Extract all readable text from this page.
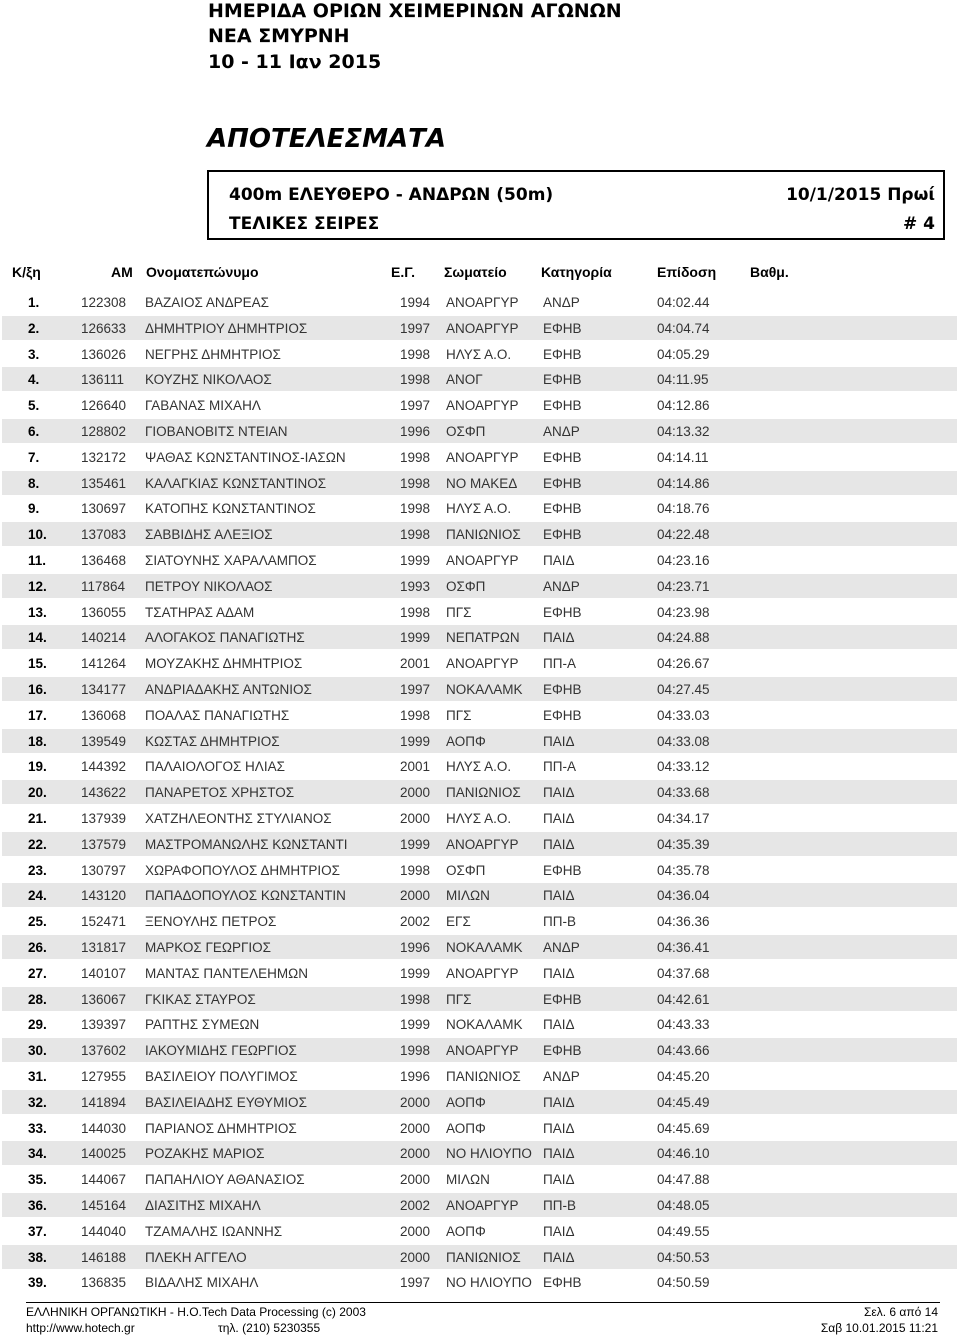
ΗΜΕΡΙΔΑ ΟΡΙΩΝ ΧΕΙΜΕΡΙΝΩΝ ΑΓΩΝΩΝ
ΝΕΑ ΣΜΥΡΝΗ
10 - 11 Ιαν 2015
ΑΠΟΤΕΛΕΣΜΑΤΑ
400m ΕΛΕΥΘΕΡΟ - ΑΝΔΡΩΝ (50m)	10/1/2015 Πρωί
ΤΕΛΙΚΕΣ ΣΕΙΡΕΣ	# 4
Κ/ξη	ΑΜ Ονοματεπώνυμο	Ε.Γ. Σωματείο Κατηγορία	Επίδοση Βαθμ.
1.	122308 ΒΑΖΑΙΟΣ ΑΝΔΡΕΑΣ	1994 ΑΝΟΑΡΓΥΡ ΑΝΔΡ	04:02.44
2.	126633 ΔΗΜΗΤΡΙΟΥ ΔΗΜΗΤΡΙΟΣ	1997 ΑΝΟΑΡΓΥΡ ΕΦΗΒ	04:04.74
3.	136026 ΝΕΓΡΗΣ ΔΗΜΗΤΡΙΟΣ	1998 ΗΛΥΣ Α.Ο. ΕΦΗΒ	04:05.29
4.	136111 ΚΟΥΖΗΣ ΝΙΚΟΛΑΟΣ	1998 ΑΝΟΓ	ΕΦΗΒ	04:11.95
5.	126640 ΓΑΒΑΝΑΣ ΜΙΧΑΗΛ	1997 ΑΝΟΑΡΓΥΡ ΕΦΗΒ	04:12.86
6.	128802 ΓΙΟΒΑΝΟΒΙΤΣ ΝΤΕΙΑΝ	1996 ΟΣΦΠ	ΑΝΔΡ	04:13.32
7.	132172 ΨΑΘΑΣ ΚΩΝΣΤΑΝΤΙΝΟΣ-ΙΑΣΩΝ	1998 ΑΝΟΑΡΓΥΡ ΕΦΗΒ	04:14.11
8.	135461 ΚΑΛΑΓΚΙΑΣ ΚΩΝΣΤΑΝΤΙΝΟΣ	1998 ΝΟ ΜΑΚΕΔ ΕΦΗΒ	04:14.86
9.	130697 ΚΑΤΟΠΗΣ ΚΩΝΣΤΑΝΤΙΝΟΣ	1998 ΗΛΥΣ Α.Ο. ΕΦΗΒ	04:18.76
10.	137083 ΣΑΒΒΙΔΗΣ ΑΛΕΞΙΟΣ	1998 ΠΑΝΙΩΝΙΟΣ ΕΦΗΒ	04:22.48
11.	136468 ΣΙΑΤΟΥΝΗΣ ΧΑΡΑΛΑΜΠΟΣ	1999 ΑΝΟΑΡΓΥΡ ΠΑΙΔ	04:23.16
12.	117864 ΠΕΤΡΟΥ ΝΙΚΟΛΑΟΣ	1993 ΟΣΦΠ	ΑΝΔΡ	04:23.71
13.	136055 ΤΣΑΤΗΡΑΣ ΑΔΑΜ	1998 ΠΓΣ	ΕΦΗΒ	04:23.98
14.	140214 ΑΛΟΓΑΚΟΣ ΠΑΝΑΓΙΩΤΗΣ	1999 ΝΕΠΑΤΡΩΝ ΠΑΙΔ	04:24.88
15.	141264 ΜΟΥΖΑΚΗΣ ΔΗΜΗΤΡΙΟΣ	2001 ΑΝΟΑΡΓΥΡ ΠΠ-Α	04:26.67
16.	134177 ΑΝΔΡΙΑΔΑΚΗΣ ΑΝΤΩΝΙΟΣ	1997 ΝΟΚΑΛΑΜΚ ΕΦΗΒ	04:27.45
17.	136068 ΠΟΑΛΑΣ ΠΑΝΑΓΙΩΤΗΣ	1998 ΠΓΣ	ΕΦΗΒ	04:33.03
18.	139549 ΚΩΣΤΑΣ ΔΗΜΗΤΡΙΟΣ	1999 ΑΟΠΦ	ΠΑΙΔ	04:33.08
19.	144392 ΠΑΛΑΙΟΛΟΓΟΣ ΗΛΙΑΣ	2001 ΗΛΥΣ Α.Ο. ΠΠ-Α	04:33.12
20.	143622 ΠΑΝΑΡΕΤΟΣ ΧΡΗΣΤΟΣ	2000 ΠΑΝΙΩΝΙΟΣ ΠΑΙΔ	04:33.68
21.	137939 ΧΑΤΖΗΛΕΟΝΤΗΣ ΣΤΥΛΙΑΝΟΣ	2000 ΗΛΥΣ Α.Ο. ΠΑΙΔ	04:34.17
22.	137579 ΜΑΣΤΡΟΜΑΝΩΛΗΣ ΚΩΝΣΤΑΝΤΙ	1999 ΑΝΟΑΡΓΥΡ ΠΑΙΔ	04:35.39
23.	130797 ΧΩΡΑΦΟΠΟΥΛΟΣ ΔΗΜΗΤΡΙΟΣ	1998 ΟΣΦΠ	ΕΦΗΒ	04:35.78
24.	143120 ΠΑΠΑΔΟΠΟΥΛΟΣ ΚΩΝΣΤΑΝΤΙΝ	2000 ΜΙΛΩΝ	ΠΑΙΔ	04:36.04
25.	152471 ΞΕΝΟΥΛΗΣ ΠΕΤΡΟΣ	2002 ΕΓΣ	ΠΠ-Β	04:36.36
26.	131817 ΜΑΡΚΟΣ ΓΕΩΡΓΙΟΣ	1996 ΝΟΚΑΛΑΜΚ ΑΝΔΡ	04:36.41
27.	140107 ΜΑΝΤΑΣ ΠΑΝΤΕΛΕΗΜΩΝ	1999 ΑΝΟΑΡΓΥΡ ΠΑΙΔ	04:37.68
28.	136067 ΓΚΙΚΑΣ ΣΤΑΥΡΟΣ	1998 ΠΓΣ	ΕΦΗΒ	04:42.61
29.	139397 ΡΑΠΤΗΣ ΣΥΜΕΩΝ	1999 ΝΟΚΑΛΑΜΚ ΠΑΙΔ	04:43.33
30.	137602 ΙΑΚΟΥΜΙΔΗΣ ΓΕΩΡΓΙΟΣ	1998 ΑΝΟΑΡΓΥΡ ΕΦΗΒ	04:43.66
31.	127955 ΒΑΣΙΛΕΙΟΥ ΠΟΛΥΓΙΜΟΣ	1996 ΠΑΝΙΩΝΙΟΣ ΑΝΔΡ	04:45.20
32.	141894 ΒΑΣΙΛΕΙΑΔΗΣ ΕΥΘΥΜΙΟΣ	2000 ΑΟΠΦ	ΠΑΙΔ	04:45.49
33.	144030 ΠΑΡΙΑΝΟΣ ΔΗΜΗΤΡΙΟΣ	2000 ΑΟΠΦ	ΠΑΙΔ	04:45.69
34.	140025 ΡΟΖΑΚΗΣ ΜΑΡΙΟΣ	2000 ΝΟ ΗΛΙΟΥΠΟ ΠΑΙΔ	04:46.10
35.	144067 ΠΑΠΑΗΛΙΟΥ ΑΘΑΝΑΣΙΟΣ	2000 ΜΙΛΩΝ	ΠΑΙΔ	04:47.88
36.	145164 ΔΙΑΣΙΤΗΣ ΜΙΧΑΗΛ	2002 ΑΝΟΑΡΓΥΡ ΠΠ-Β	04:48.05
37.	144040 ΤΖΑΜΑΛΗΣ ΙΩΑΝΝΗΣ	2000 ΑΟΠΦ	ΠΑΙΔ	04:49.55
38.	146188 ΠΛΕΚΗ ΑΓΓΕΛΟ	2000 ΠΑΝΙΩΝΙΟΣ ΠΑΙΔ	04:50.53
39.	136835 ΒΙΔΑΛΗΣ ΜΙΧΑΗΛ	1997 ΝΟ ΗΛΙΟΥΠΟ ΕΦΗΒ	04:50.59
ΕΛΛΗΝΙΚΗ ΟΡΓΑΝΩΤΙΚΗ - Η.Ο.Tech Data Processing (c) 2003
http://www.hotech.gr	τηλ. (210) 5230355
Σελ. 6 από 14
Σαβ 10.01.2015 11:21
